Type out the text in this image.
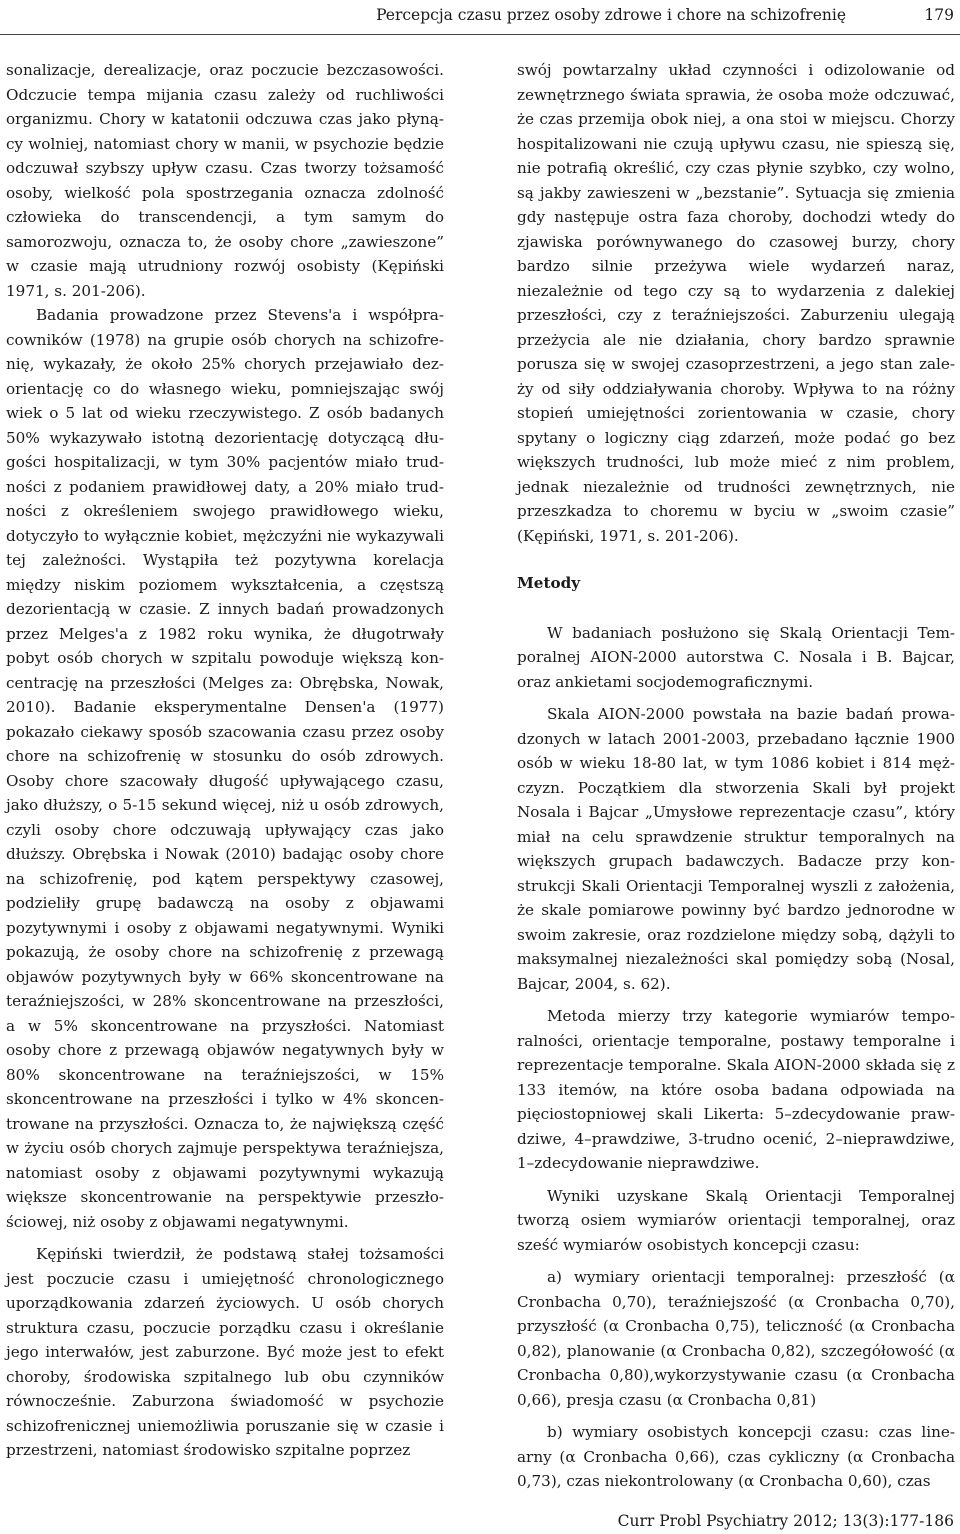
Percepcja czasu przez osoby zdrowe i chore na schizofrenię	179

sonalizacje, derealizacje, oraz poczucie bezczasowości. Odczucie tempa mijania czasu zależy od ruchliwości organizmu. Chory w katatonii odczuwa czas jako płynący wolniej, natomiast chory w manii, w psychozie będzie odczuwał szybszy upływ czasu. Czas tworzy tożsamość osoby, wielkość pola spostrzegania oznacza zdolność człowieka do transcendencji, a tym samym do samorozwoju, oznacza to, że osoby chore „zawieszone” w czasie mają utrudniony rozwój osobisty (Kępiński 1971, s. 201-206).

Badania prowadzone przez Stevens'a i współpracowników (1978) na grupie osób chorych na schizofrenię, wykazały, że około 25% chorych przejawiało dezorientację co do własnego wieku, pomniejszając swój wiek o 5 lat od wieku rzeczywistego. Z osób badanych 50% wykazywało istotną dezorientację dotyczącą długości hospitalizacji, w tym 30% pacjentów miało trudności z podaniem prawidłowej daty, a 20% miało trudności z określeniem swojego prawidłowego wieku, dotyczyło to wyłącznie kobiet, mężczyźni nie wykazywali tej zależności. Wystąpiła też pozytywna korelacja między niskim poziomem wykształcenia, a częstszą dezorientacją w czasie. Z innych badań prowadzonych przez Melges'a z 1982 roku wynika, że długotrwały pobyt osób chorych w szpitalu powoduje większą koncentrację na przeszłości (Melges za: Obrębska, Nowak, 2010). Badanie eksperymentalne Densen'a (1977) pokazało ciekawy sposób szacowania czasu przez osoby chore na schizofrenię w stosunku do osób zdrowych. Osoby chore szacowały długość upływającego czasu, jako dłuższy, o 5-15 sekund więcej, niż u osób zdrowych, czyli osoby chore odczuwają upływający czas jako dłuższy. Obrębska i Nowak (2010) badając osoby chore na schizofrenię, pod kątem perspektywy czasowej, podzieliły grupę badawczą na osoby z objawami pozytywnymi i osoby z objawami negatywnymi. Wyniki pokazują, że osoby chore na schizofrenię z przewagą objawów pozytywnych były w 66% skoncentrowane na teraźniejszości, w 28% skoncentrowane na przeszłości, a w 5% skoncentrowane na przyszłości. Natomiast osoby chore z przewagą objawów negatywnych były w 80% skoncentrowane na teraźniejszości, w 15% skoncentrowane na przeszłości i tylko w 4% skoncentrowane na przyszłości. Oznacza to, że największą część w życiu osób chorych zajmuje perspektywa teraźniejsza, natomiast osoby z objawami pozytywnymi wykazują większe skoncentrowanie na perspektywie przeszłościowej, niż osoby z objawami negatywnymi.

Kępiński twierdził, że podstawą stałej tożsamości jest poczucie czasu i umiejętność chronologicznego uporządkowania zdarzeń życiowych. U osób chorych struktura czasu, poczucie porządku czasu i określanie jego interwałów, jest zaburzone. Być może jest to efekt choroby, środowiska szpitalnego lub obu czynników równocześnie. Zaburzona świadomość w psychozie schizofrenicznej uniemożliwia poruszanie się w czasie i przestrzeni, natomiast środowisko szpitalne poprzez

swój powtarzalny układ czynności i odizolowanie od zewnętrznego świata sprawia, że osoba może odczuwać, że czas przemija obok niej, a ona stoi w miejscu. Chorzy hospitalizowani nie czują upływu czasu, nie spieszą się, nie potrafią określić, czy czas płynie szybko, czy wolno, są jakby zawieszeni w „bezstanie”. Sytuacja się zmienia gdy następuje ostra faza choroby, dochodzi wtedy do zjawiska porównywanego do czasowej burzy, chory bardzo silnie przeżywa wiele wydarzeń naraz, niezależnie od tego czy są to wydarzenia z dalekiej przeszłości, czy z teraźniejszości. Zaburzeniu ulegają przeżycia ale nie działania, chory bardzo sprawnie porusza się w swojej czasoprzestrzeni, a jego stan zależy od siły oddziaływania choroby. Wpływa to na różny stopień umiejętności zorientowania w czasie, chory spytany o logiczny ciąg zdarzeń, może podać go bez większych trudności, lub może mieć z nim problem, jednak niezależnie od trudności zewnętrznych, nie przeszkadza to choremu w byciu w „swoim czasie” (Kępiński, 1971, s. 201-206).

Metody

W badaniach posłużono się Skalą Orientacji Temporalnej AION-2000 autorstwa C. Nosala i B. Bajcar, oraz ankietami socjodemograficznymi.

Skala AION-2000 powstała na bazie badań prowadzonych w latach 2001-2003, przebadano łącznie 1900 osób w wieku 18-80 lat, w tym 1086 kobiet i 814 mężczyzn. Początkiem dla stworzenia Skali był projekt Nosala i Bajcar „Umysłowe reprezentacje czasu”, który miał na celu sprawdzenie struktur temporalnych na większych grupach badawczych. Badacze przy konstrukcji Skali Orientacji Temporalnej wyszli z założenia, że skale pomiarowe powinny być bardzo jednorodne w swoim zakresie, oraz rozdzielone między sobą, dążyli to maksymalnej niezależności skal pomiędzy sobą (Nosal, Bajcar, 2004, s. 62).

Metoda mierzy trzy kategorie wymiarów temporalności, orientacje temporalne, postawy temporalne i reprezentacje temporalne. Skala AION-2000 składa się z 133 itemów, na które osoba badana odpowiada na pięciostopniowej skali Likerta: 5–zdecydowanie prawdziwe, 4–prawdziwe, 3-trudno ocenić, 2–nieprawdziwe, 1–zdecydowanie nieprawdziwe.

Wyniki uzyskane Skalą Orientacji Temporalnej tworzą osiem wymiarów orientacji temporalnej, oraz sześć wymiarów osobistych koncepcji czasu:

a) wymiary orientacji temporalnej: przeszłość (α Cronbacha 0,70), teraźniejszość (α Cronbacha 0,70), przyszłość (α Cronbacha 0,75), teliczność (α Cronbacha 0,82), planowanie (α Cronbacha 0,82), szczegółowość (α Cronbacha 0,80),wykorzystywanie czasu (α Cronbacha 0,66), presja czasu (α Cronbacha 0,81)

b) wymiary osobistych koncepcji czasu: czas linearny (α Cronbacha 0,66), czas cykliczny (α Cronbacha 0,73), czas niekontrolowany (α Cronbacha 0,60), czas

Curr Probl Psychiatry 2012; 13(3):177-186
